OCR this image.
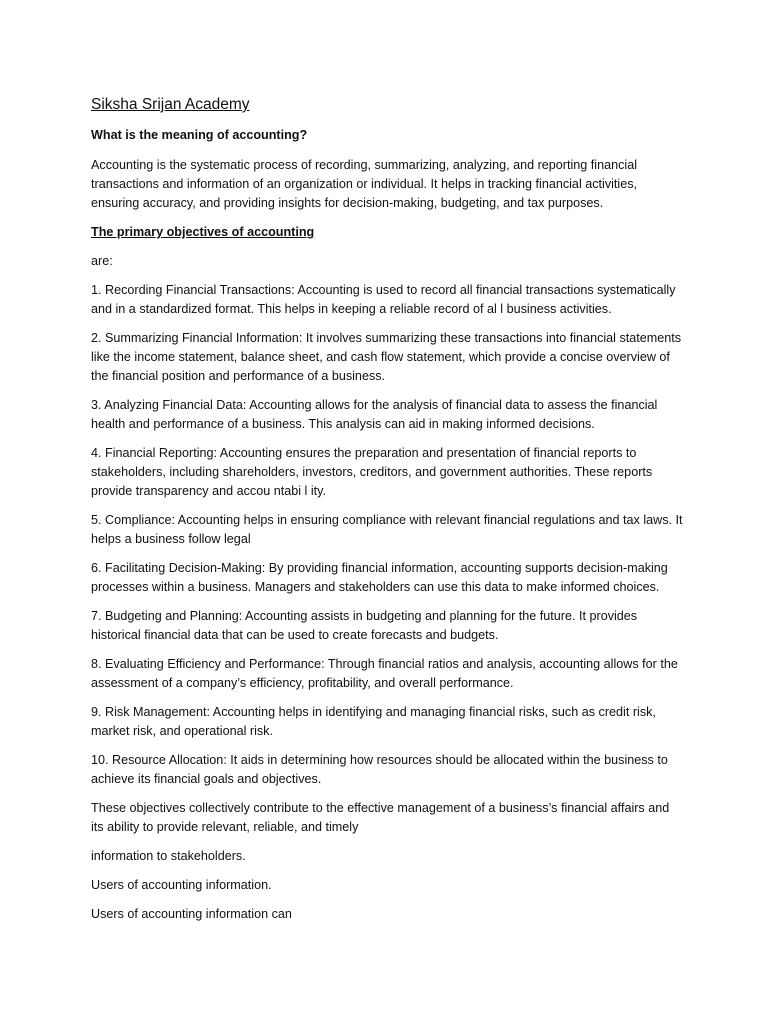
Siksha Srijan Academy
What is the meaning of accounting?

Accounting is the systematic process of recording, summarizing, analyzing, and reporting financial transactions and information of an organization or individual. It helps in tracking financial activities, ensuring accuracy, and providing insights for decision-making, budgeting, and tax purposes.

The primary objectives of accounting

are:

1. Recording Financial Transactions: Accounting is used to record all financial transactions systematically and in a standardized format. This helps in keeping a reliable record of al l business activities.

2. Summarizing Financial Information: It involves summarizing these transactions into financial statements like the income statement, balance sheet, and cash flow statement, which provide a concise overview of the financial position and performance of a business.

3. Analyzing Financial Data: Accounting allows for the analysis of financial data to assess the financial health and performance of a business. This analysis can aid in making informed decisions.

4. Financial Reporting: Accounting ensures the preparation and presentation of financial reports to stakeholders, including shareholders, investors, creditors, and government authorities. These reports provide transparency and accou ntabi l ity.

5. Compliance: Accounting helps in ensuring compliance with relevant financial regulations and tax laws. It helps a business follow legal

6. Facilitating Decision-Making: By providing financial information, accounting supports decision-making processes within a business. Managers and stakeholders can use this data to make informed choices.

7. Budgeting and Planning: Accounting assists in budgeting and planning for the future. It provides historical financial data that can be used to create forecasts and budgets.

8. Evaluating Efficiency and Performance: Through financial ratios and analysis, accounting allows for the assessment of a company’s efficiency, profitability, and overall performance.

9. Risk Management: Accounting helps in identifying and managing financial risks, such as credit risk, market risk, and operational risk.

10. Resource Allocation: It aids in determining how resources should be allocated within the business to achieve its financial goals and objectives.

These objectives collectively contribute to the effective management of a business’s financial affairs and its ability to provide relevant, reliable, and timely

information to stakeholders.

Users of accounting information.

Users of accounting information can
